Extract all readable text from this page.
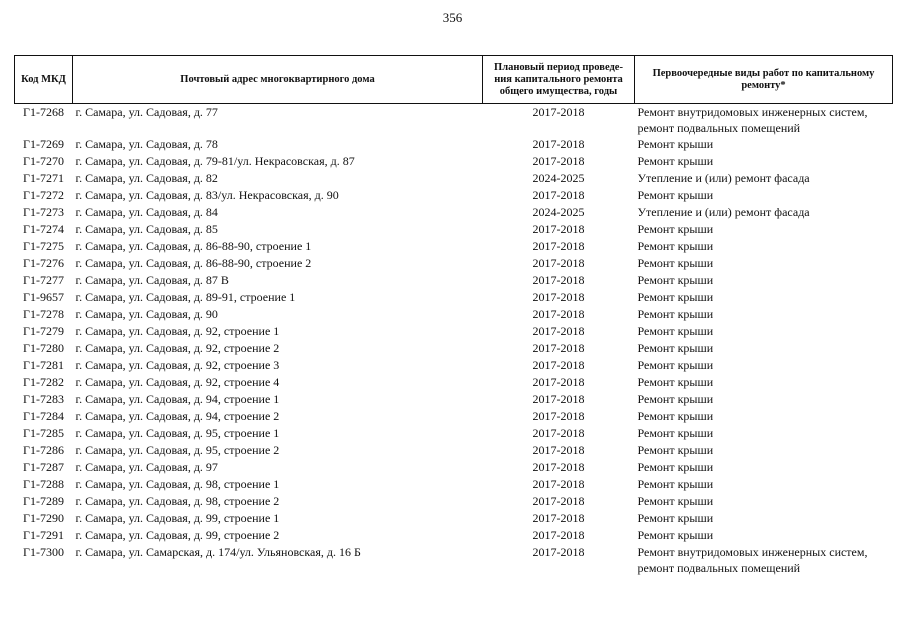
356
Код МКД	Почтовый адрес многоквартирного дома	Плановый период проведе-ния капитального ремонта общего имущества, годы	Первоочередные виды работ по капитальному ремонту*
Г1-7268	г. Самара, ул. Садовая, д. 77	2017-2018	Ремонт внутридомовых инженерных систем, ремонт подвальных помещений
Г1-7269	г. Самара, ул. Садовая, д. 78	2017-2018	Ремонт крыши
Г1-7270	г. Самара, ул. Садовая, д. 79-81/ул. Некрасовская, д. 87	2017-2018	Ремонт крыши
Г1-7271	г. Самара, ул. Садовая, д. 82	2024-2025	Утепление и (или) ремонт фасада
Г1-7272	г. Самара, ул. Садовая, д. 83/ул. Некрасовская, д. 90	2017-2018	Ремонт крыши
Г1-7273	г. Самара, ул. Садовая, д. 84	2024-2025	Утепление и (или) ремонт фасада
Г1-7274	г. Самара, ул. Садовая, д. 85	2017-2018	Ремонт крыши
Г1-7275	г. Самара, ул. Садовая, д. 86-88-90, строение 1	2017-2018	Ремонт крыши
Г1-7276	г. Самара, ул. Садовая, д. 86-88-90, строение 2	2017-2018	Ремонт крыши
Г1-7277	г. Самара, ул. Садовая, д. 87 В	2017-2018	Ремонт крыши
Г1-9657	г. Самара, ул. Садовая, д. 89-91, строение 1	2017-2018	Ремонт крыши
Г1-7278	г. Самара, ул. Садовая, д. 90	2017-2018	Ремонт крыши
Г1-7279	г. Самара, ул. Садовая, д. 92, строение 1	2017-2018	Ремонт крыши
Г1-7280	г. Самара, ул. Садовая, д. 92, строение 2	2017-2018	Ремонт крыши
Г1-7281	г. Самара, ул. Садовая, д. 92, строение 3	2017-2018	Ремонт крыши
Г1-7282	г. Самара, ул. Садовая, д. 92, строение 4	2017-2018	Ремонт крыши
Г1-7283	г. Самара, ул. Садовая, д. 94, строение 1	2017-2018	Ремонт крыши
Г1-7284	г. Самара, ул. Садовая, д. 94, строение 2	2017-2018	Ремонт крыши
Г1-7285	г. Самара, ул. Садовая, д. 95, строение 1	2017-2018	Ремонт крыши
Г1-7286	г. Самара, ул. Садовая, д. 95, строение 2	2017-2018	Ремонт крыши
Г1-7287	г. Самара, ул. Садовая, д. 97	2017-2018	Ремонт крыши
Г1-7288	г. Самара, ул. Садовая, д. 98, строение 1	2017-2018	Ремонт крыши
Г1-7289	г. Самара, ул. Садовая, д. 98, строение 2	2017-2018	Ремонт крыши
Г1-7290	г. Самара, ул. Садовая, д. 99, строение 1	2017-2018	Ремонт крыши
Г1-7291	г. Самара, ул. Садовая, д. 99, строение 2	2017-2018	Ремонт крыши
Г1-7300	г. Самара, ул. Самарская, д. 174/ул. Ульяновская, д. 16 Б	2017-2018	Ремонт внутридомовых инженерных систем, ремонт подвальных помещений
